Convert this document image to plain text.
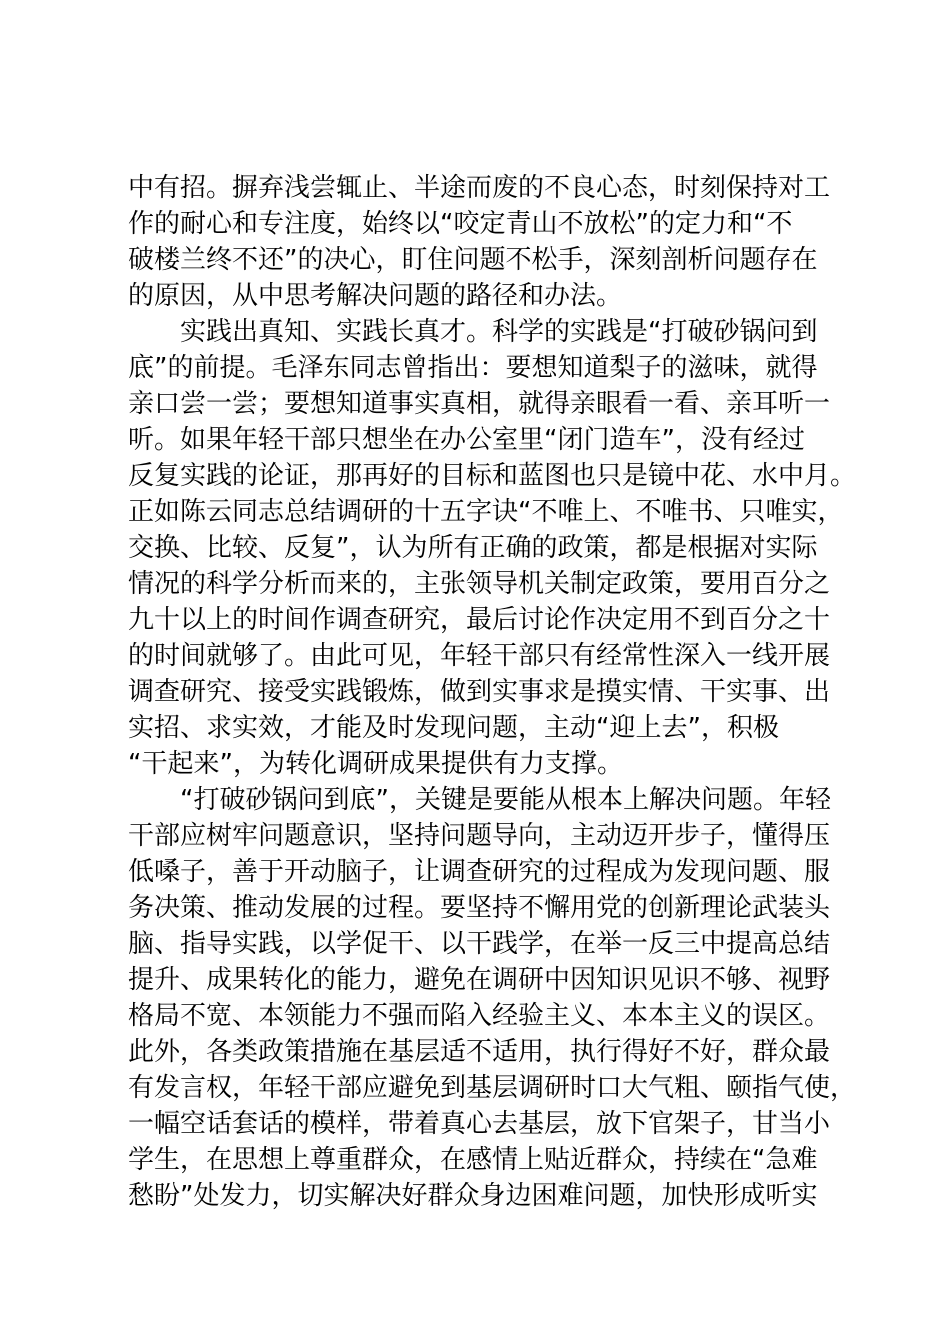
中有招。摒弃浅尝辄止、半途而废的不良心态，时刻保持对工
作的耐心和专注度，始终以“咬定青山不放松”的定力和“不
破楼兰终不还”的决心，盯住问题不松手，深刻剖析问题存在
的原因，从中思考解决问题的路径和办法。
实践出真知、实践长真才。科学的实践是“打破砂锅问到
底”的前提。毛泽东同志曾指出：要想知道梨子的滋味，就得
亲口尝一尝；要想知道事实真相，就得亲眼看一看、亲耳听一
听。如果年轻干部只想坐在办公室里“闭门造车”，没有经过
反复实践的论证，那再好的目标和蓝图也只是镜中花、水中月。
正如陈云同志总结调研的十五字诀“不唯上、不唯书、只唯实，
交换、比较、反复”，认为所有正确的政策，都是根据对实际
情况的科学分析而来的，主张领导机关制定政策，要用百分之
九十以上的时间作调查研究，最后讨论作决定用不到百分之十
的时间就够了。由此可见，年轻干部只有经常性深入一线开展
调查研究、接受实践锻炼，做到实事求是摸实情、干实事、出
实招、求实效，才能及时发现问题，主动“迎上去”，积极
“干起来”，为转化调研成果提供有力支撑。
“打破砂锅问到底”，关键是要能从根本上解决问题。年轻
干部应树牢问题意识，坚持问题导向，主动迈开步子，懂得压
低嗓子，善于开动脑子，让调查研究的过程成为发现问题、服
务决策、推动发展的过程。要坚持不懈用党的创新理论武装头
脑、指导实践，以学促干、以干践学，在举一反三中提高总结
提升、成果转化的能力，避免在调研中因知识见识不够、视野
格局不宽、本领能力不强而陷入经验主义、本本主义的误区。
此外，各类政策措施在基层适不适用，执行得好不好，群众最
有发言权，年轻干部应避免到基层调研时口大气粗、颐指气使，
一幅空话套话的模样，带着真心去基层，放下官架子，甘当小
学生，在思想上尊重群众，在感情上贴近群众，持续在“急难
愁盼”处发力，切实解决好群众身边困难问题，加快形成听实
